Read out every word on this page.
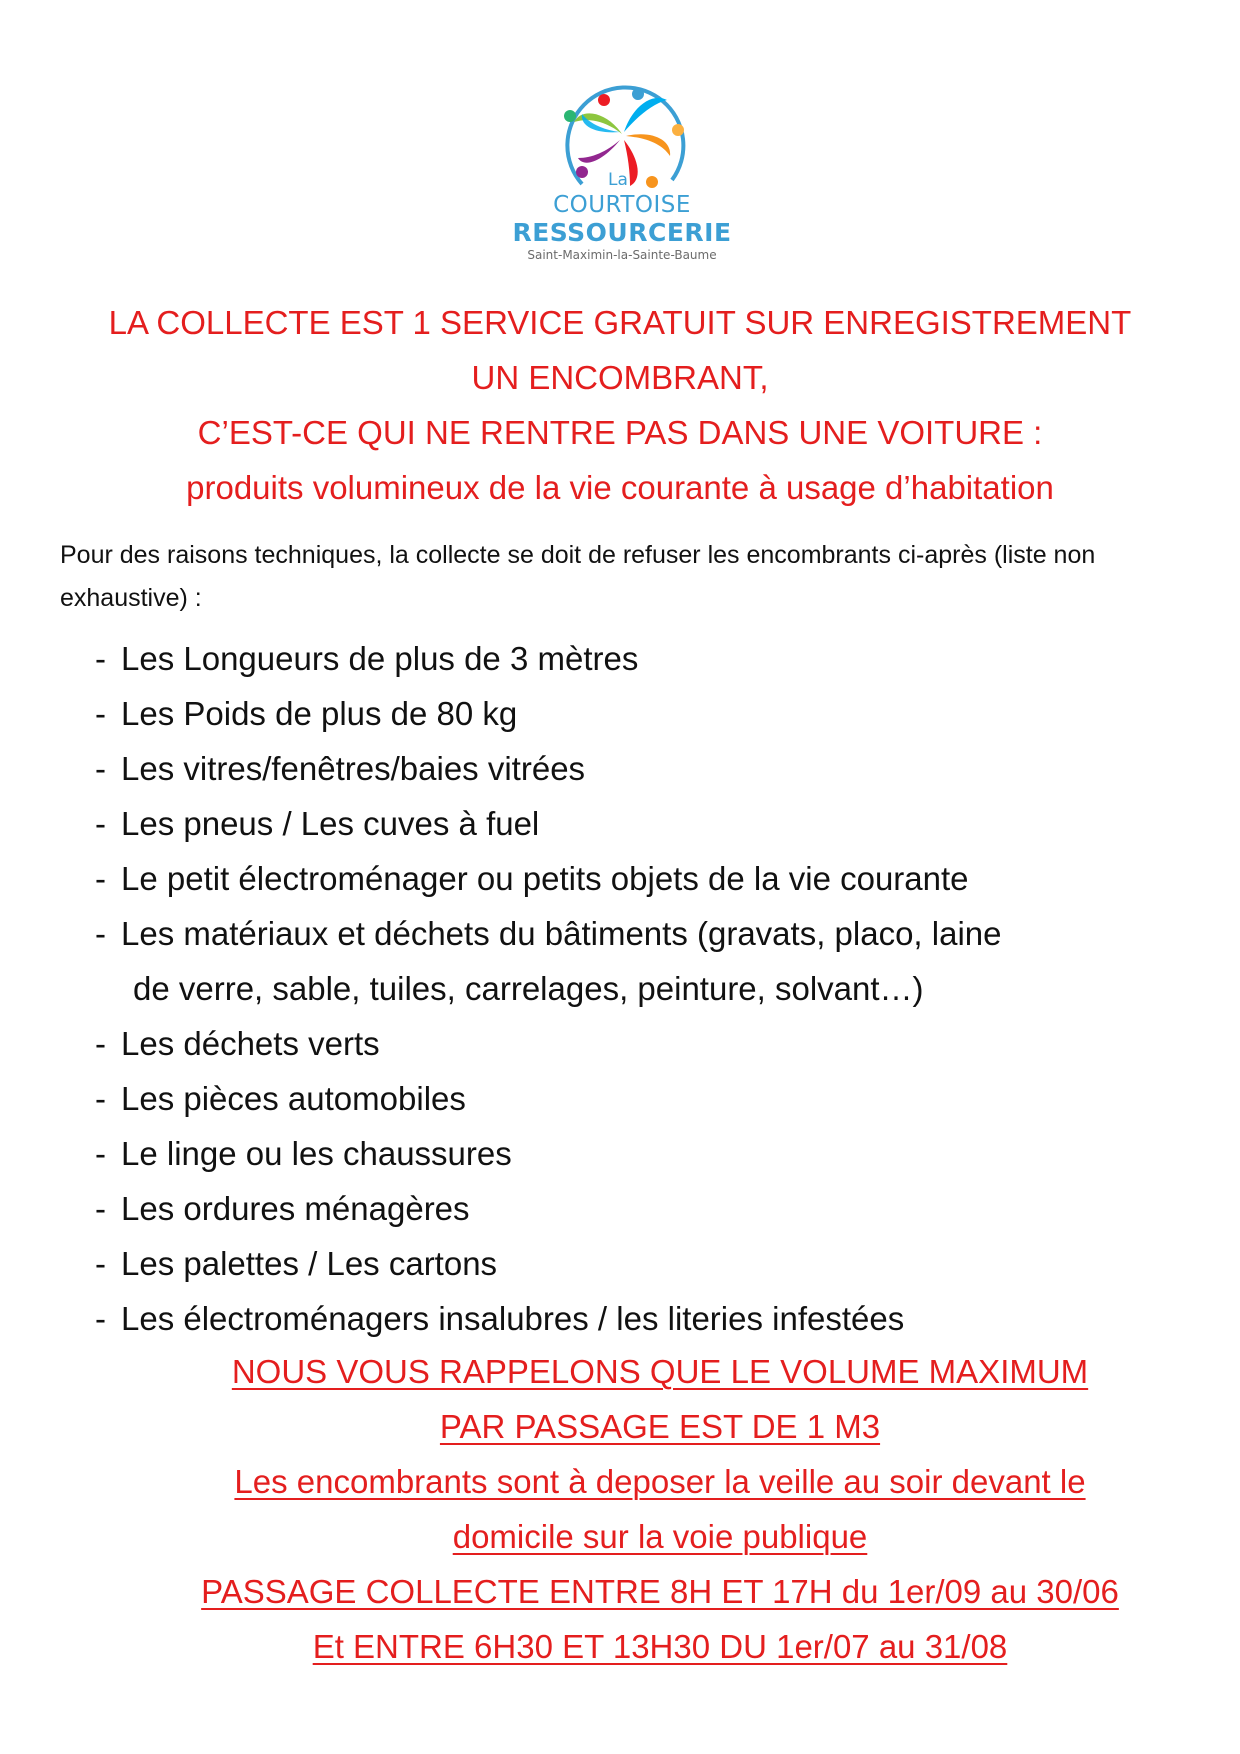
La
COURTOISE
RESSOURCERIE
Saint-Maximin-la-Sainte-Baume
LA COLLECTE EST 1 SERVICE GRATUIT SUR ENREGISTREMENT
UN ENCOMBRANT,
C’EST-CE QUI NE RENTRE PAS DANS UNE VOITURE :
produits volumineux de la vie courante à usage d’habitation
Pour des raisons techniques, la collecte se doit de refuser les encombrants ci-après (liste non exhaustive) :
- Les Longueurs de plus de 3 mètres
- Les Poids de plus de 80 kg
- Les vitres/fenêtres/baies vitrées
- Les pneus / Les cuves à fuel
- Le petit électroménager ou petits objets de la vie courante
- Les matériaux et déchets du bâtiments (gravats, placo, laine
de verre, sable, tuiles, carrelages, peinture, solvant…)
- Les déchets verts
- Les pièces automobiles
- Le linge ou les chaussures
- Les ordures ménagères
- Les palettes / Les cartons
- Les électroménagers insalubres / les literies infestées
NOUS VOUS RAPPELONS QUE LE VOLUME MAXIMUM
PAR PASSAGE EST DE 1 M3
Les encombrants sont à deposer la veille au soir devant le
domicile sur la voie publique
PASSAGE COLLECTE ENTRE 8H ET 17H du 1er/09 au 30/06
Et ENTRE 6H30 ET 13H30 DU 1er/07 au 31/08
